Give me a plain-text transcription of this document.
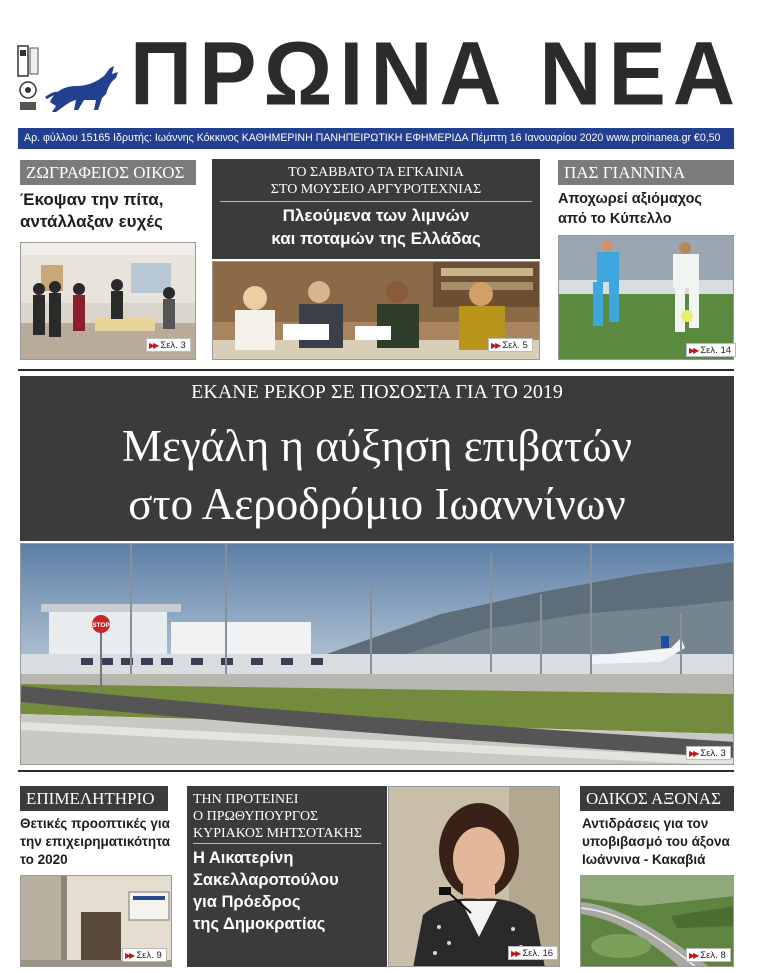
ΠΡΩΙΝΑ ΝΕΑ
Αρ. φύλλου 15165 Ιδρυτής: Ιωάννης Κόκκινος ΚΑΘΗΜΕΡΙΝΗ ΠΑΝΗΠΕΙΡΩΤΙΚΗ ΕΦΗΜΕΡΙΔΑ Πέμπτη 16 Ιανουαρίου 2020 www.proinanea.gr €0,50
ΖΩΓΡΑΦΕΙΟΣ ΟΙΚΟΣ
Έκοψαν την πίτα,
αντάλλαξαν ευχές
▶▶ Σελ. 3
ΤΟ ΣΑΒΒΑΤΟ ΤΑ ΕΓΚΑΙΝΙΑ
ΣΤΟ ΜΟΥΣΕΙΟ ΑΡΓΥΡΟΤΕΧΝΙΑΣ
Πλεούμενα των λιμνών
και ποταμών της Ελλάδας
▶▶ Σελ. 5
ΠΑΣ ΓΙΑΝΝΙΝΑ
Αποχωρεί αξιόμαχος
από το Κύπελλο
▶▶ Σελ. 14
ΕΚΑΝΕ ΡΕΚΟΡ ΣΕ ΠΟΣΟΣΤΑ ΓΙΑ ΤΟ 2019
Μεγάλη η αύξηση επιβατών
στο Αεροδρόμιο Ιωαννίνων
STOP
▶▶ Σελ. 3
ΕΠΙΜΕΛΗΤΗΡΙΟ
Θετικές προοπτικές για
την επιχειρηματικότητα
το 2020
▶▶ Σελ. 9
ΤΗΝ ΠΡΟΤΕΙΝΕΙ
Ο ΠΡΩΘΥΠΟΥΡΓΟΣ
ΚΥΡΙΑΚΟΣ ΜΗΤΣΟΤΑΚΗΣ
Η Αικατερίνη
Σακελλαροπούλου
για Πρόεδρος
της Δημοκρατίας
▶▶ Σελ. 16
ΟΔΙΚΟΣ ΑΞΟΝΑΣ
Αντιδράσεις για τον
υποβιβασμό του άξονα
Ιωάννινα - Κακαβιά
▶▶ Σελ. 8
